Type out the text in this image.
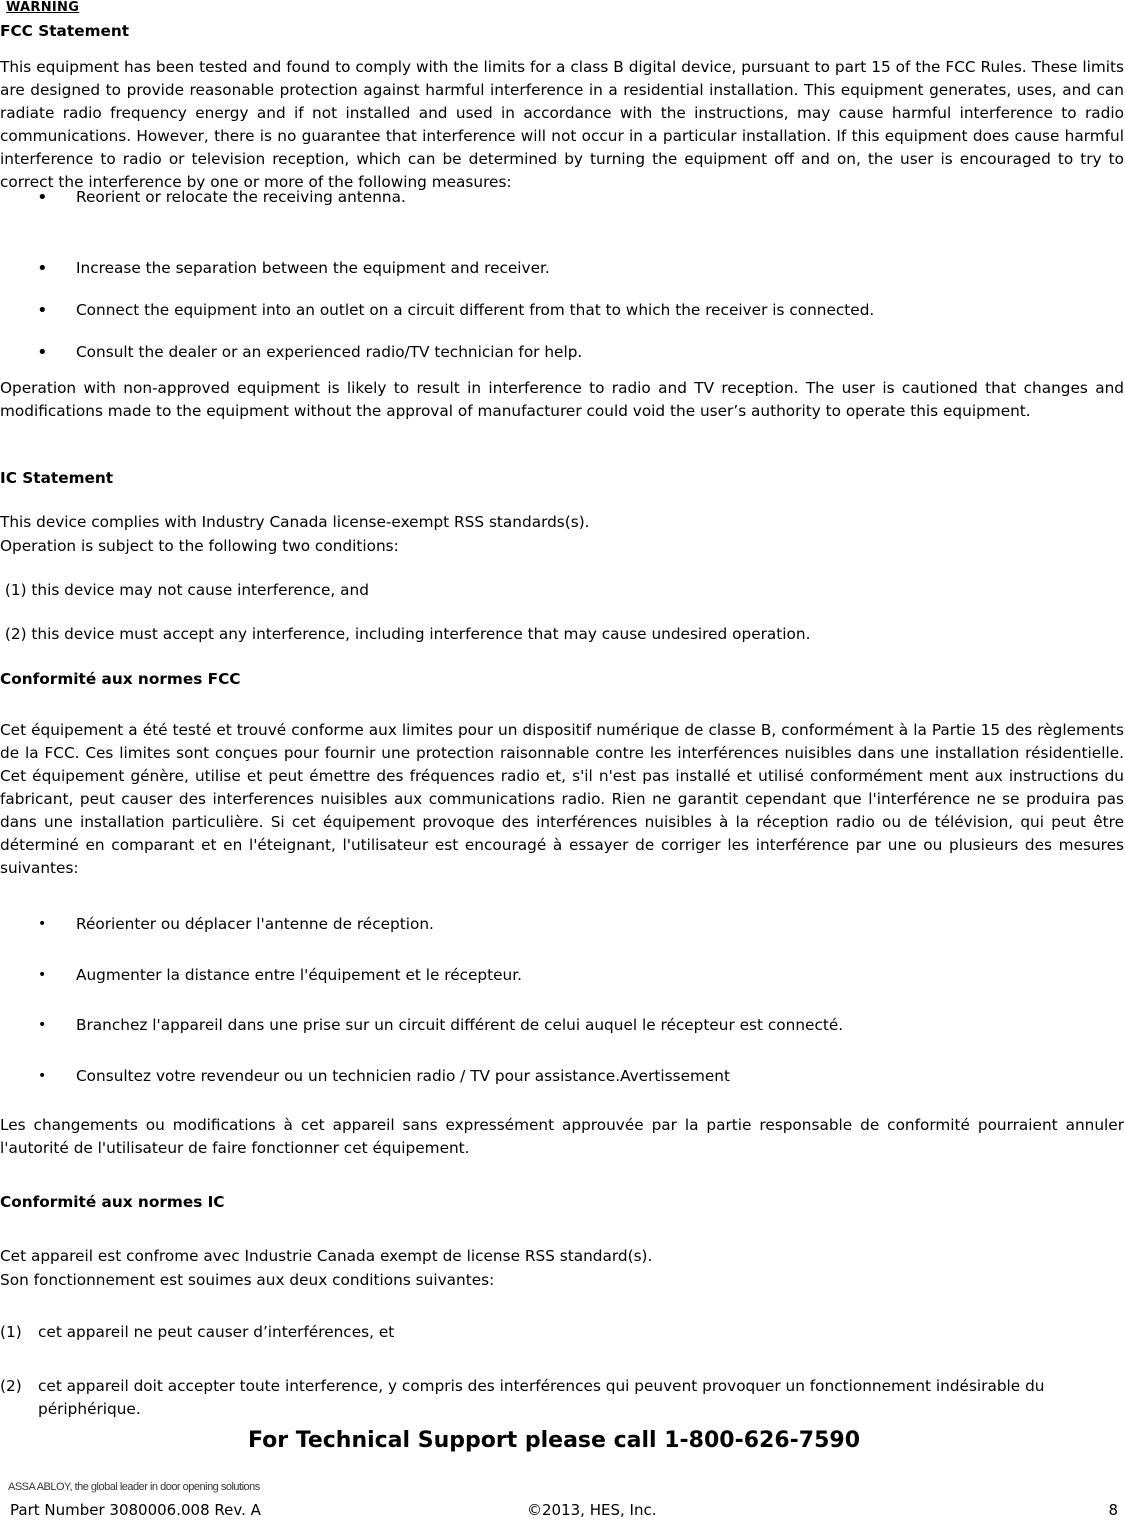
WARNING
FCC Statement
This equipment has been tested and found to comply with the limits for a class B digital device, pursuant to part 15 of the FCC Rules. These limits are designed to provide reasonable protection against harmful interference in a residential installation. This equipment generates, uses, and can radiate radio frequency energy and if not installed and used in accordance with the instructions, may cause harmful interference to radio communications. However, there is no guarantee that interference will not occur in a particular installation. If this equipment does cause harmful interference to radio or television reception, which can be determined by turning the equipment off and on, the user is encouraged to try to correct the interference by one or more of the following measures:
• Reorient or relocate the receiving antenna.
• Increase the separation between the equipment and receiver.
• Connect the equipment into an outlet on a circuit different from that to which the receiver is connected.
• Consult the dealer or an experienced radio/TV technician for help.
Operation with non-approved equipment is likely to result in interference to radio and TV reception. The user is cautioned that changes and modifications made to the equipment without the approval of manufacturer could void the user’s authority to operate this equipment.
IC Statement
This device complies with Industry Canada license-exempt RSS standards(s).
Operation is subject to the following two conditions:
(1) this device may not cause interference, and
(2) this device must accept any interference, including interference that may cause undesired operation.
Conformité aux normes FCC
Cet équipement a été testé et trouvé conforme aux limites pour un dispositif numérique de classe B, conformément à la Partie 15 des règlements de la FCC. Ces limites sont conçues pour fournir une protection raisonnable contre les interférences nuisibles dans une installation résidentielle. Cet équipement génère, utilise et peut émettre des fréquences radio et, s'il n'est pas installé et utilisé conformément ment aux instructions du fabricant, peut causer des interferences nuisibles aux communications radio. Rien ne garantit cependant que l'interférence ne se produira pas dans une installation particulière. Si cet équipement provoque des interférences nuisibles à la réception radio ou de télévision, qui peut être déterminé en comparant et en l'éteignant, l'utilisateur est encouragé à essayer de corriger les interférence par une ou plusieurs des mesures suivantes:
• Réorienter ou déplacer l'antenne de réception.
• Augmenter la distance entre l'équipement et le récepteur.
• Branchez l'appareil dans une prise sur un circuit différent de celui auquel le récepteur est connecté.
• Consultez votre revendeur ou un technicien radio / TV pour assistance.Avertissement
Les changements ou modifications à cet appareil sans expressément approuvée par la partie responsable de conformité pourraient annuler l'autorité de l'utilisateur de faire fonctionner cet équipement.
Conformité aux normes IC
Cet appareil est confrome avec Industrie Canada exempt de license RSS standard(s).
Son fonctionnement est souimes aux deux conditions suivantes:
(1) cet appareil ne peut causer d’interférences, et
(2) cet appareil doit accepter toute interference, y compris des interférences qui peuvent provoquer un fonctionnement indésirable du périphérique.
For Technical Support please call 1-800-626-7590
ASSA ABLOY, the global leader in door opening solutions
Part Number 3080006.008 Rev. A	©2013, HES, Inc.	8
